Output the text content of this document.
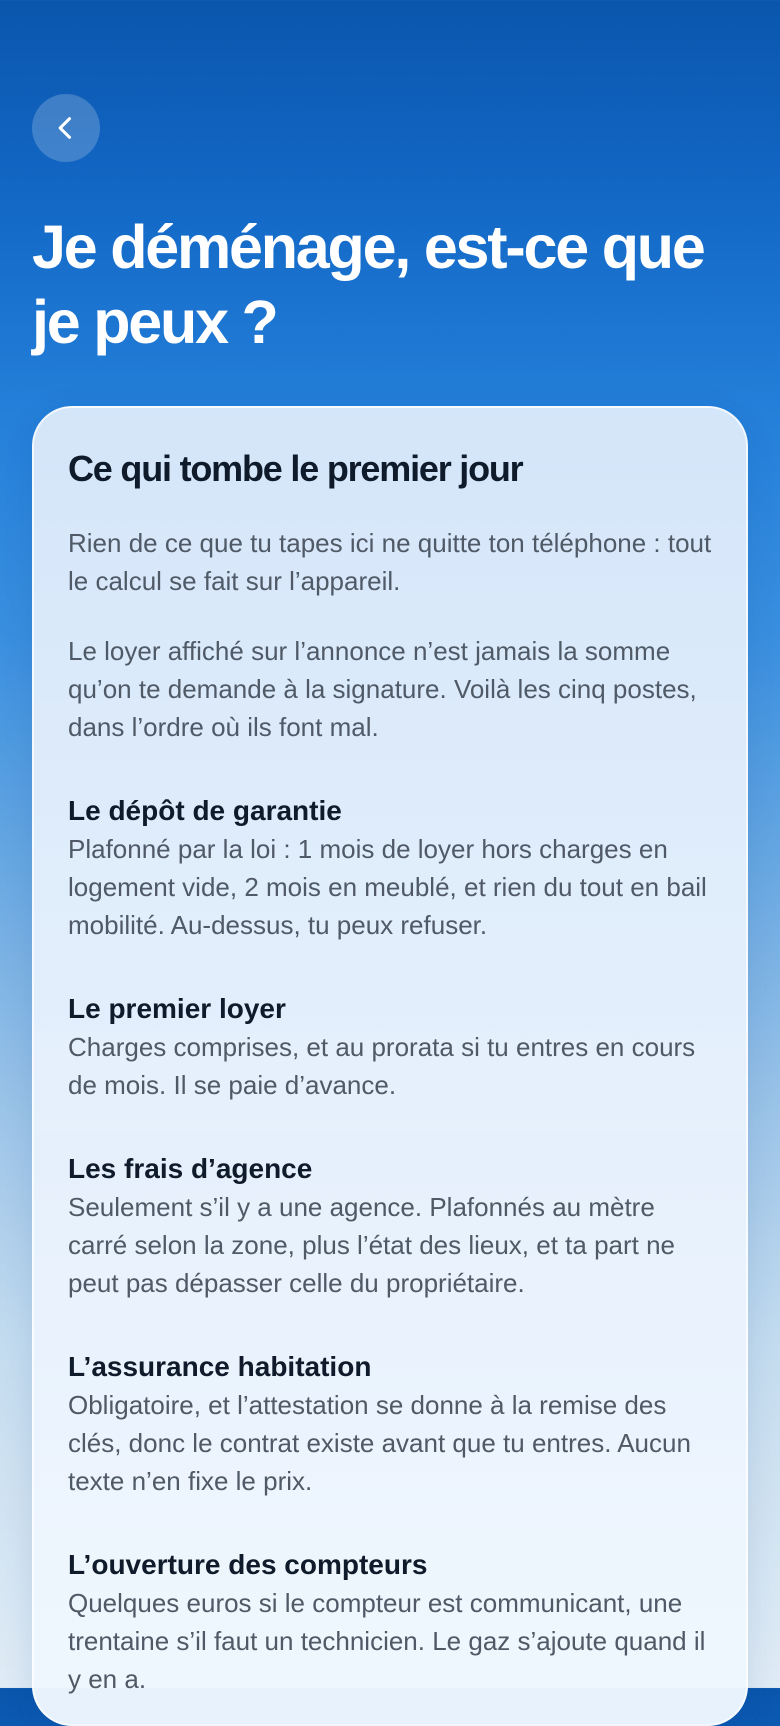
Je déménage, est-ce que je peux ?
Ce qui tombe le premier jour

Rien de ce que tu tapes ici ne quitte ton téléphone : tout le calcul se fait sur l’appareil.

Le loyer affiché sur l’annonce n’est jamais la somme qu’on te demande à la signature. Voilà les cinq postes, dans l’ordre où ils font mal.

Le dépôt de garantie

Plafonné par la loi : 1 mois de loyer hors charges en logement vide, 2 mois en meublé, et rien du tout en bail mobilité. Au-dessus, tu peux refuser.

Le premier loyer

Charges comprises, et au prorata si tu entres en cours de mois. Il se paie d’avance.

Les frais d’agence

Seulement s’il y a une agence. Plafonnés au mètre carré selon la zone, plus l’état des lieux, et ta part ne peut pas dépasser celle du propriétaire.

L’assurance habitation

Obligatoire, et l’attestation se donne à la remise des clés, donc le contrat existe avant que tu entres. Aucun texte n’en fixe le prix.

L’ouverture des compteurs

Quelques euros si le compteur est communicant, une trentaine s’il faut un technicien. Le gaz s’ajoute quand il y en a.
